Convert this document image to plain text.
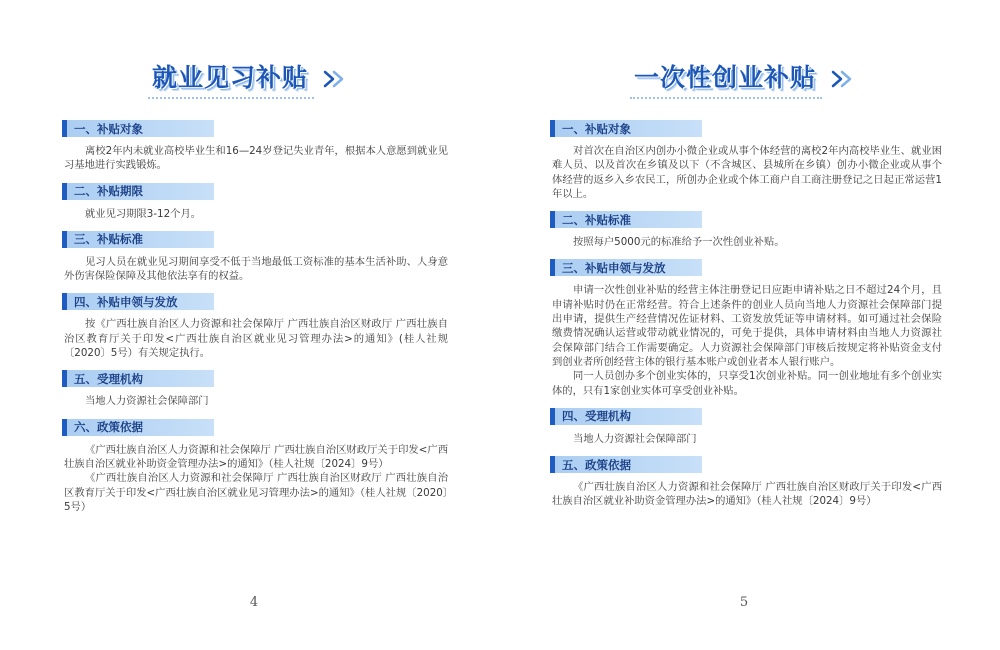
就业见习补贴
一、补贴对象

离校2年内未就业高校毕业生和16—24岁登记失业青年，根据本人意愿到就业见习基地进行实践锻炼。

二、补贴期限

就业见习期限3-12个月。

三、补贴标准

见习人员在就业见习期间享受不低于当地最低工资标准的基本生活补助、人身意外伤害保险保障及其他依法享有的权益。

四、补贴申领与发放

按《广西壮族自治区人力资源和社会保障厅 广西壮族自治区财政厅 广西壮族自治区教育厅关于印发<广西壮族自治区就业见习管理办法>的通知》(桂人社规〔2020〕5号）有关规定执行。

五、受理机构

当地人力资源社会保障部门

六、政策依据

《广西壮族自治区人力资源和社会保障厅 广西壮族自治区财政厅关于印发<广西壮族自治区就业补助资金管理办法>的通知》（桂人社规〔2024〕9号）

《广西壮族自治区人力资源和社会保障厅 广西壮族自治区财政厅 广西壮族自治区教育厅关于印发<广西壮族自治区就业见习管理办法>的通知》（桂人社规〔2020〕5号）

4
一次性创业补贴
一、补贴对象

对首次在自治区内创办小微企业或从事个体经营的离校2年内高校毕业生、就业困难人员、以及首次在乡镇及以下（不含城区、县城所在乡镇）创办小微企业或从事个体经营的返乡入乡农民工，所创办企业或个体工商户自工商注册登记之日起正常运营1年以上。

二、补贴标准

按照每户5000元的标准给予一次性创业补贴。

三、补贴申领与发放

申请一次性创业补贴的经营主体注册登记日应距申请补贴之日不超过24个月，且申请补贴时仍在正常经营。符合上述条件的创业人员向当地人力资源社会保障部门提出申请，提供生产经营情况佐证材料、工资发放凭证等申请材料。如可通过社会保险缴费情况确认运营或带动就业情况的，可免于提供，具体申请材料由当地人力资源社会保障部门结合工作需要确定。人力资源社会保障部门审核后按规定将补贴资金支付到创业者所创经营主体的银行基本账户或创业者本人银行账户。

同一人员创办多个创业实体的，只享受1次创业补贴。同一创业地址有多个创业实体的，只有1家创业实体可享受创业补贴。

四、受理机构

当地人力资源社会保障部门

五、政策依据

《广西壮族自治区人力资源和社会保障厅 广西壮族自治区财政厅关于印发<广西壮族自治区就业补助资金管理办法>的通知》（桂人社规〔2024〕9号）

5
